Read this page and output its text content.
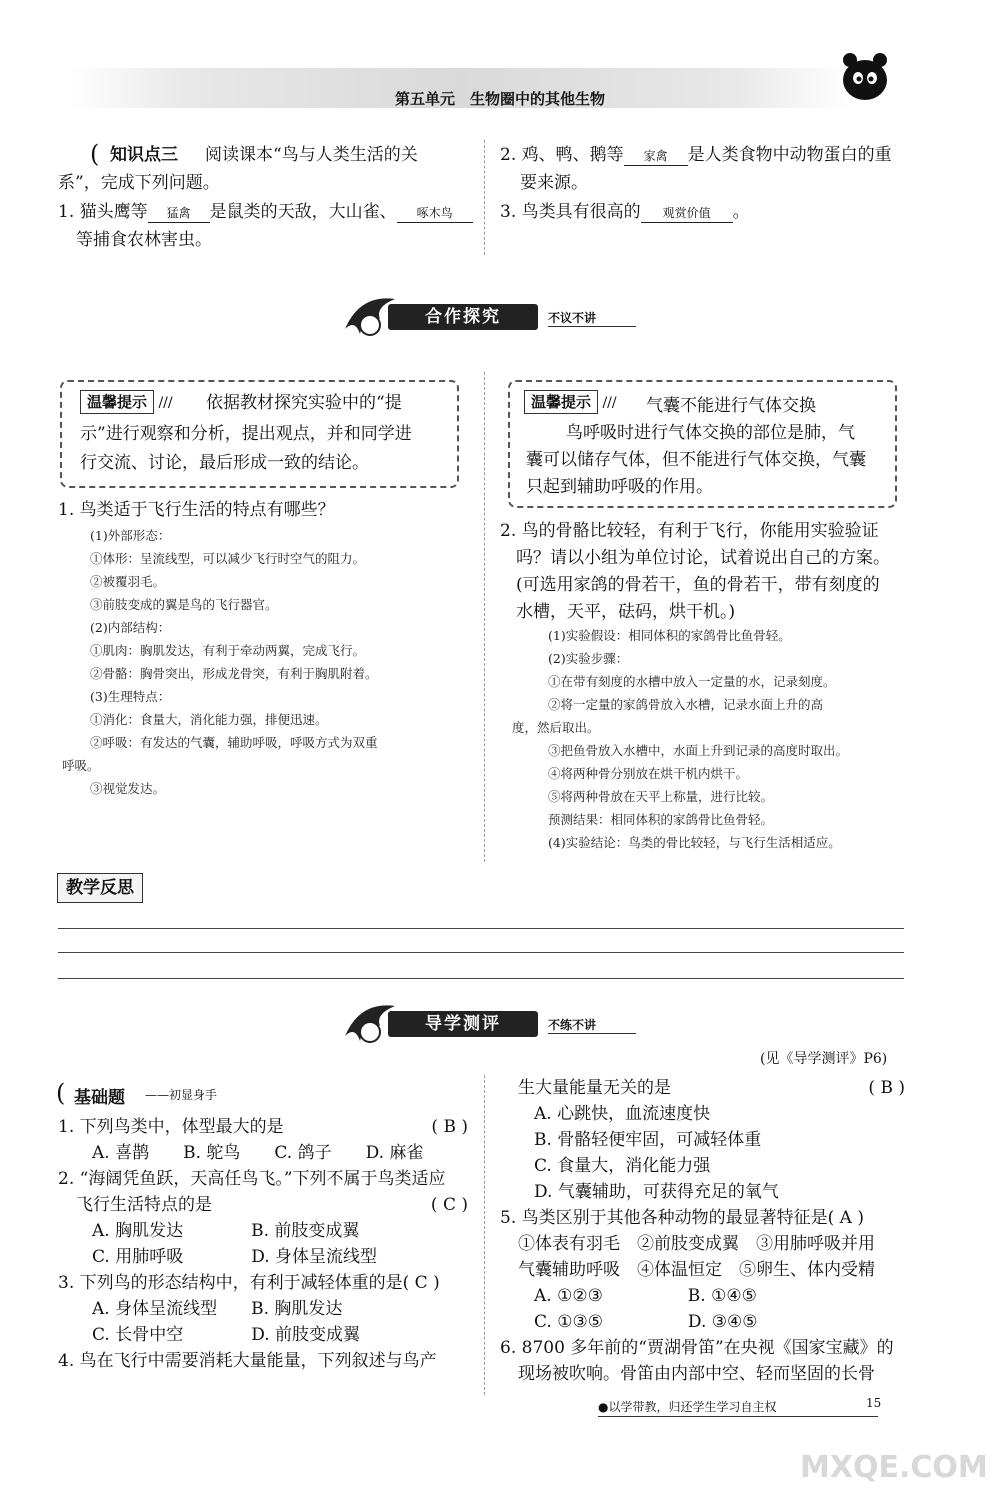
第五单元　生物圈中的其他生物
( 知识点三 阅读课本“鸟与人类生活的关
系”，完成下列问题。
1. 猫头鹰等 猛禽 是鼠类的天敌，大山雀、 啄木鸟
等捕食农林害虫。
2. 鸡、鸭、鹅等 家禽 是人类食物中动物蛋白的重
要来源。
3. 鸟类具有很高的 观赏价值 。
合作探究	不议不讲
温馨提示 /// 依据教材探究实验中的“提
示”进行观察和分析，提出观点，并和同学进
行交流、讨论，最后形成一致的结论。
温馨提示 /// 气囊不能进行气体交换
鸟呼吸时进行气体交换的部位是肺，气
囊可以储存气体，但不能进行气体交换，气囊
只起到辅助呼吸的作用。
1. 鸟类适于飞行生活的特点有哪些？
(1)外部形态：
①体形：呈流线型，可以减少飞行时空气的阻力。
②被覆羽毛。
③前肢变成的翼是鸟的飞行器官。
(2)内部结构：
①肌肉：胸肌发达，有利于牵动两翼，完成飞行。
②骨骼：胸骨突出，形成龙骨突，有利于胸肌附着。
(3)生理特点：
①消化：食量大，消化能力强，排便迅速。
②呼吸：有发达的气囊，辅助呼吸，呼吸方式为双重
呼吸。
③视觉发达。
2. 鸟的骨骼比较轻，有利于飞行，你能用实验验证
吗？请以小组为单位讨论，试着说出自己的方案。
(可选用家鸽的骨若干，鱼的骨若干，带有刻度的
水槽，天平，砝码，烘干机。)
(1)实验假设：相同体积的家鸽骨比鱼骨轻。
(2)实验步骤：
①在带有刻度的水槽中放入一定量的水，记录刻度。
②将一定量的家鸽骨放入水槽，记录水面上升的高
度，然后取出。
③把鱼骨放入水槽中，水面上升到记录的高度时取出。
④将两种骨分别放在烘干机内烘干。
⑤将两种骨放在天平上称量，进行比较。
预测结果：相同体积的家鸽骨比鱼骨轻。
(4)实验结论：鸟类的骨比较轻，与飞行生活相适应。
教学反思
导学测评	不练不讲
(见《导学测评》P6)
( 基础题 ——初显身手
1. 下列鸟类中，体型最大的是	( B )
A. 喜鹊　　B. 鸵鸟　　C. 鸽子　　D. 麻雀
2. “海阔凭鱼跃，天高任鸟飞。”下列不属于鸟类适应
飞行生活特点的是	( C )
A. 胸肌发达　　　　B. 前肢变成翼
C. 用肺呼吸　　　　D. 身体呈流线型
3. 下列鸟的形态结构中，有利于减轻体重的是( C )
A. 身体呈流线型　　B. 胸肌发达
C. 长骨中空　　　　D. 前肢变成翼
4. 鸟在飞行中需要消耗大量能量，下列叙述与鸟产
生大量能量无关的是	( B )
A. 心跳快，血流速度快
B. 骨骼轻便牢固，可减轻体重
C. 食量大，消化能力强
D. 气囊辅助，可获得充足的氧气
5. 鸟类区别于其他各种动物的最显著特征是( A )
①体表有羽毛　②前肢变成翼　③用肺呼吸并用
气囊辅助呼吸　④体温恒定　⑤卵生、体内受精
A. ①②③　　　　　B. ①④⑤
C. ①③⑤　　　　　D. ③④⑤
6. 8700 多年前的“贾湖骨笛”在央视《国家宝藏》的
现场被吹响。骨笛由内部中空、轻而坚固的长骨
●以学带教，归还学生学习自主权	15
MXQE.COM
